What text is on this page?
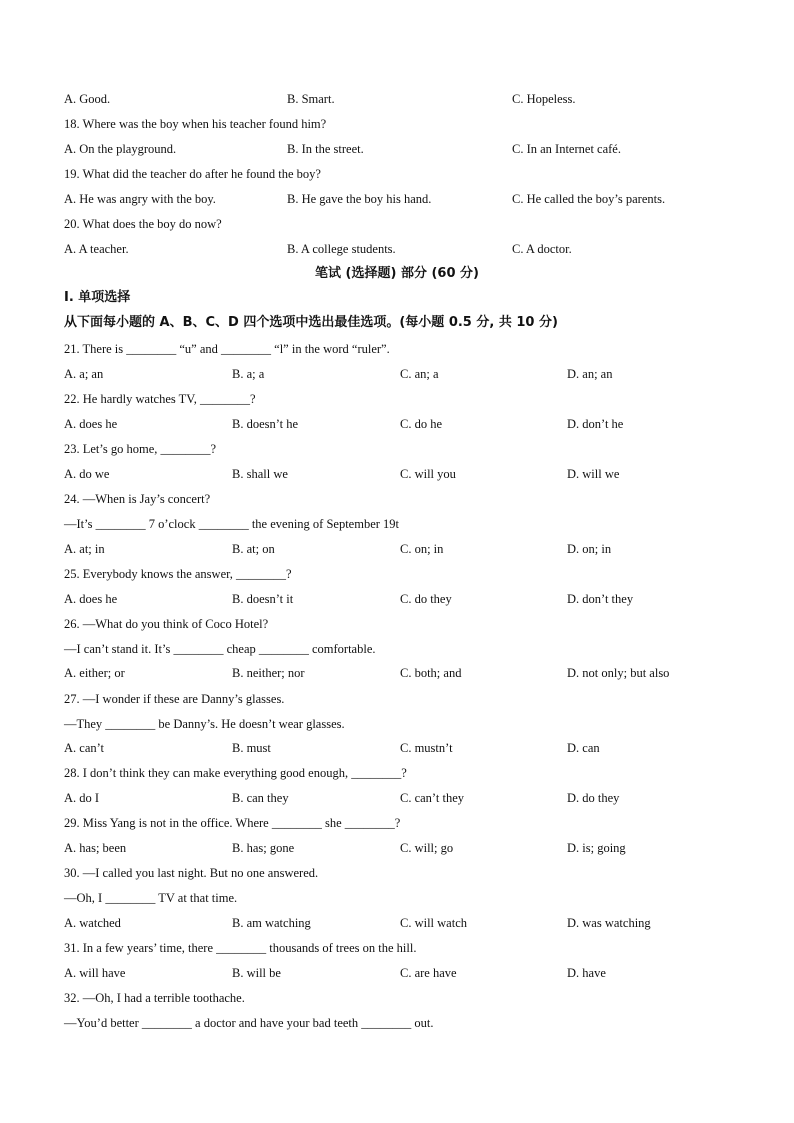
A. Good.	B. Smart.	C. Hopeless.
18. Where was the boy when his teacher found him?
A. On the playground.	B. In the street.	C. In an Internet café.
19. What did the teacher do after he found the boy?
A. He was angry with the boy.	B. He gave the boy his hand.	C. He called the boy’s parents.
20. What does the boy do now?
A. A teacher.	B. A college students.	C. A doctor.
笔试 (选择题) 部分 (60 分)
I. 单项选择
从下面每小题的 A、B、C、D 四个选项中选出最佳选项。(每小题 0.5 分, 共 10 分)
21. There is ________ “u” and ________ “l” in the word “ruler”.
A. a; an	B. a; a	C. an; a	D. an; an
22. He hardly watches TV, ________?
A. does he	B. doesn’t he	C. do he	D. don’t he
23. Let’s go home, ________?
A. do we	B. shall we	C. will you	D. will we
24. —When is Jay’s concert?
—It’s ________ 7 o’clock ________ the evening of September 19t
A. at; in	B. at; on	C. on; in	D. on; in
25. Everybody knows the answer, ________?
A. does he	B. doesn’t it	C. do they	D. don’t they
26. —What do you think of Coco Hotel?
—I can’t stand it. It’s ________ cheap ________ comfortable.
A. either; or	B. neither; nor	C. both; and	D. not only; but also
27. —I wonder if these are Danny’s glasses.
—They ________ be Danny’s. He doesn’t wear glasses.
A. can’t	B. must	C. mustn’t	D. can
28. I don’t think they can make everything good enough, ________?
A. do I	B. can they	C. can’t they	D. do they
29. Miss Yang is not in the office. Where ________ she ________?
A. has; been	B. has; gone	C. will; go	D. is; going
30. —I called you last night. But no one answered.
—Oh, I ________ TV at that time.
A. watched	B. am watching	C. will watch	D. was watching
31. In a few years’ time, there ________ thousands of trees on the hill.
A. will have	B. will be	C. are have	D. have
32. —Oh, I had a terrible toothache.
—You’d better ________ a doctor and have your bad teeth ________ out.
